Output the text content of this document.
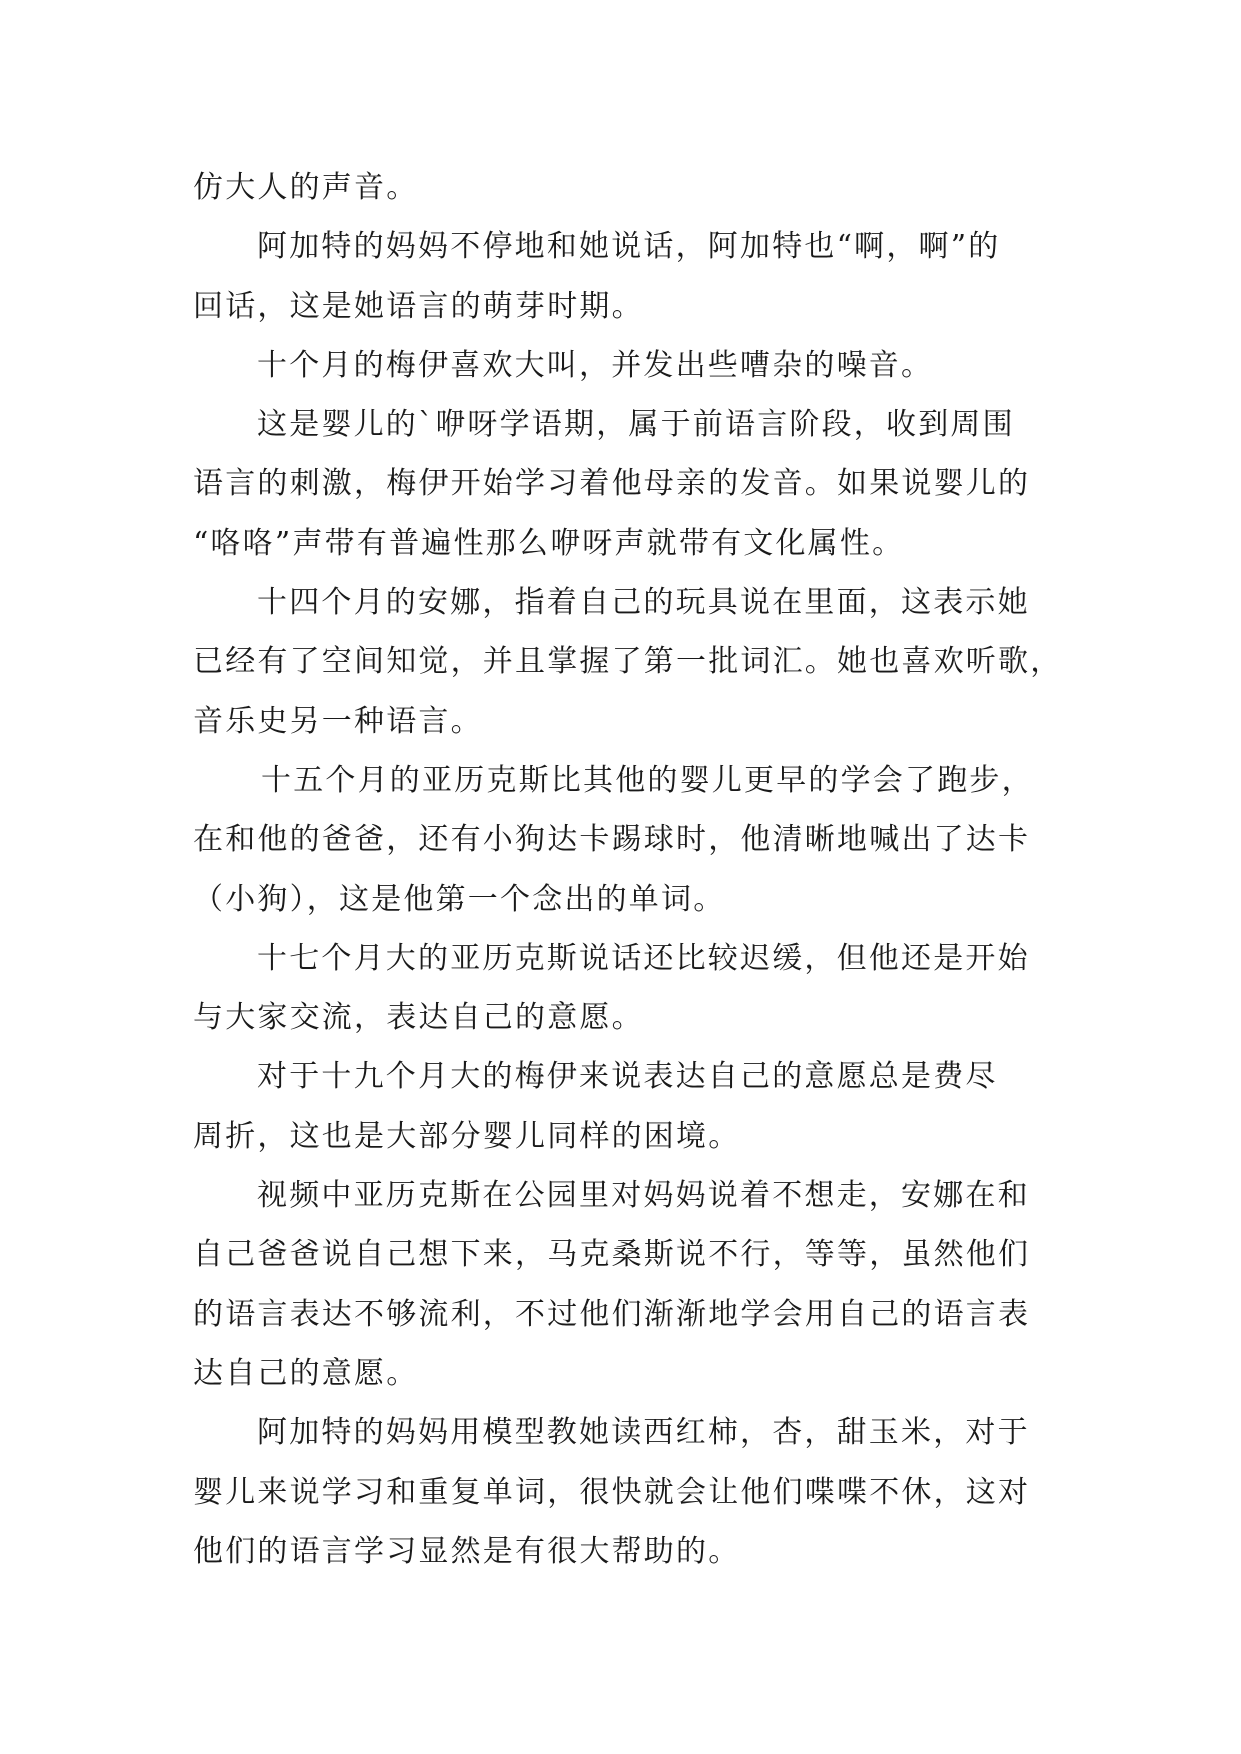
仿大人的声音。
阿加特的妈妈不停地和她说话，阿加特也“啊，啊”的
回话，这是她语言的萌芽时期。
十个月的梅伊喜欢大叫，并发出些嘈杂的噪音。
这是婴儿的`咿呀学语期，属于前语言阶段，收到周围
语言的刺激，梅伊开始学习着他母亲的发音。如果说婴儿的
“咯咯”声带有普遍性那么咿呀声就带有文化属性。
十四个月的安娜，指着自己的玩具说在里面，这表示她
已经有了空间知觉，并且掌握了第一批词汇。她也喜欢听歌，
音乐史另一种语言。
十五个月的亚历克斯比其他的婴儿更早的学会了跑步，
在和他的爸爸，还有小狗达卡踢球时，他清晰地喊出了达卡
（小狗），这是他第一个念出的单词。
十七个月大的亚历克斯说话还比较迟缓，但他还是开始
与大家交流，表达自己的意愿。
对于十九个月大的梅伊来说表达自己的意愿总是费尽
周折，这也是大部分婴儿同样的困境。
视频中亚历克斯在公园里对妈妈说着不想走，安娜在和
自己爸爸说自己想下来，马克桑斯说不行，等等，虽然他们
的语言表达不够流利，不过他们渐渐地学会用自己的语言表
达自己的意愿。
阿加特的妈妈用模型教她读西红柿，杏，甜玉米，对于
婴儿来说学习和重复单词，很快就会让他们喋喋不休，这对
他们的语言学习显然是有很大帮助的。
